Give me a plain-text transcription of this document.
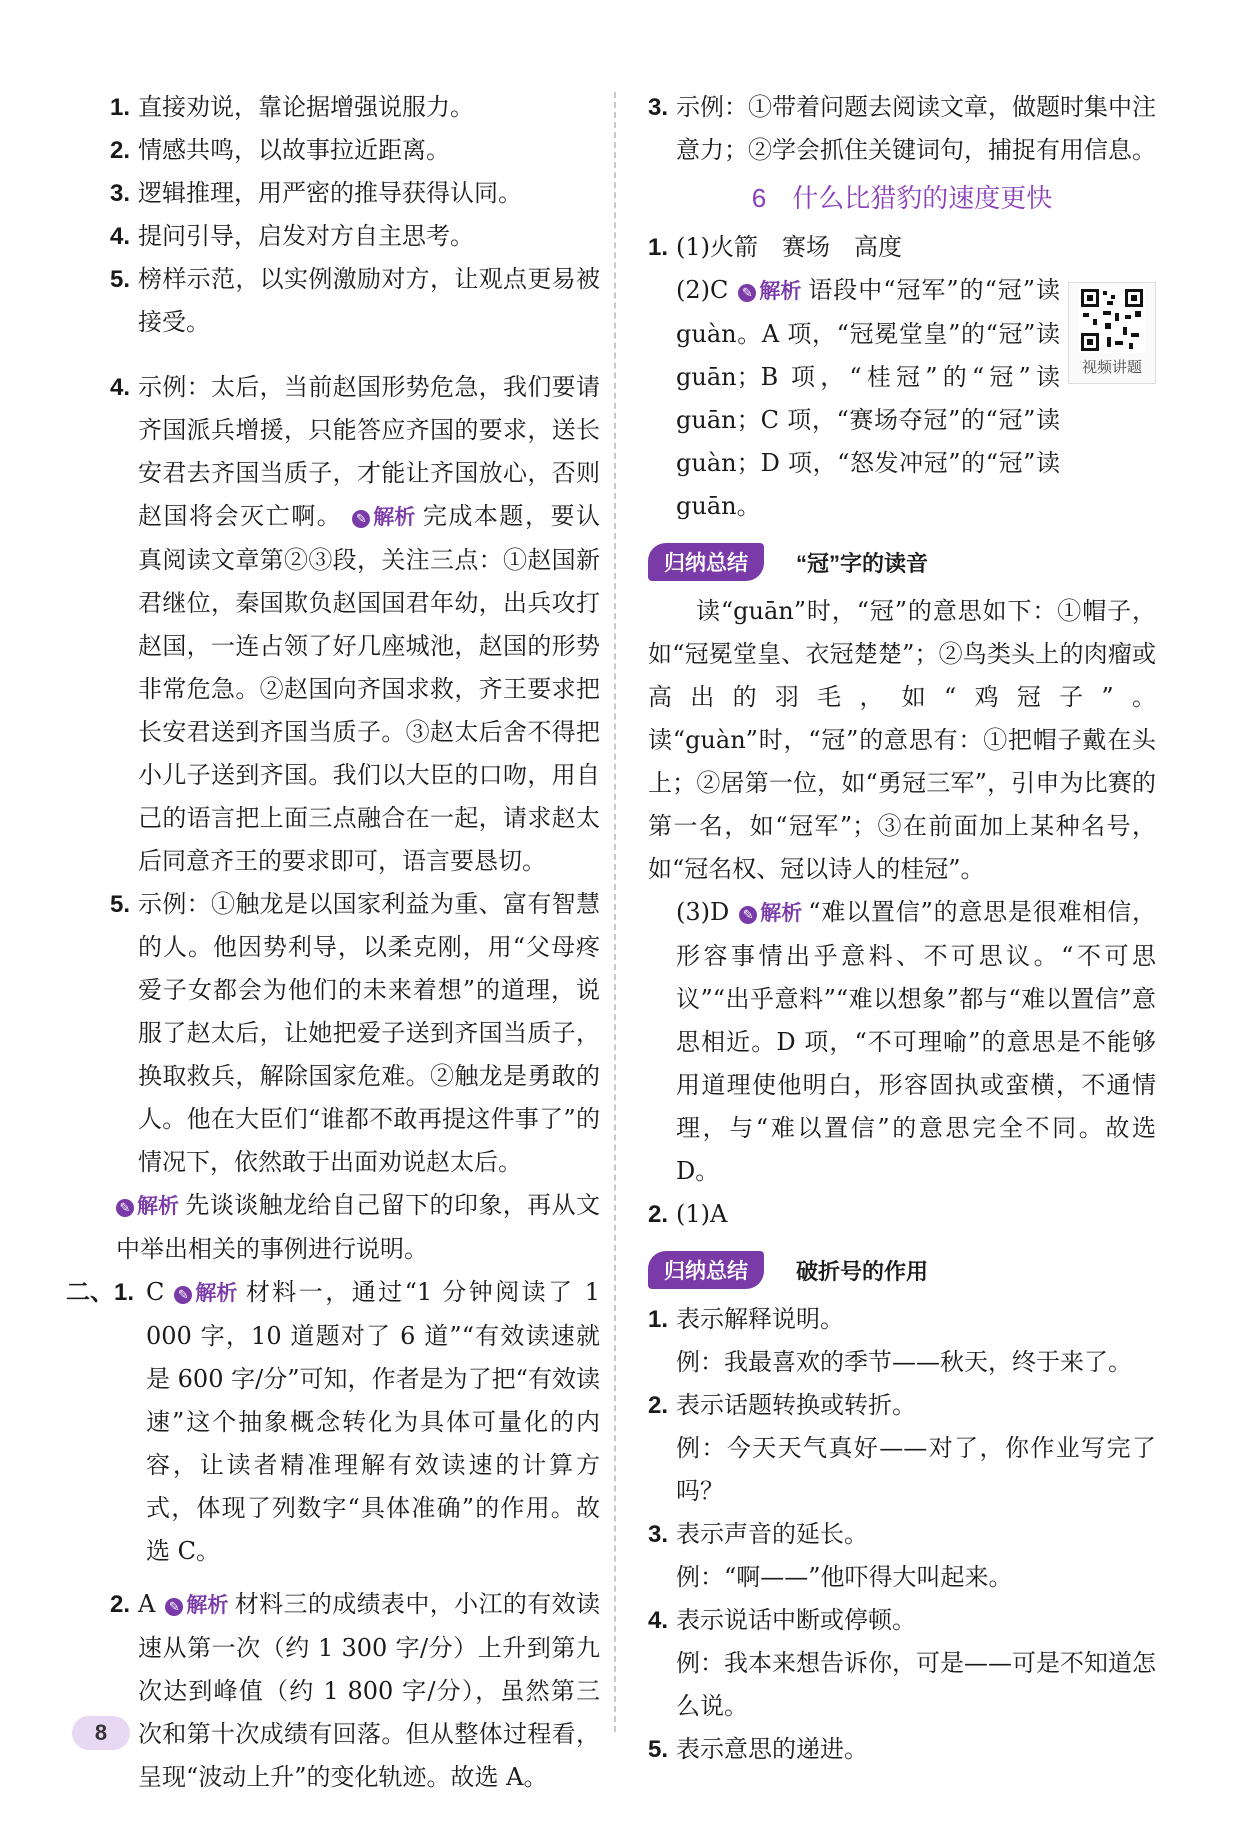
1. 直接劝说，靠论据增强说服力。

2. 情感共鸣，以故事拉近距离。

3. 逻辑推理，用严密的推导获得认同。

4. 提问引导，启发对方自主思考。

5. 榜样示范，以实例激励对方，让观点更易被接受。

4. 示例：太后，当前赵国形势危急，我们要请齐国派兵增援，只能答应齐国的要求，送长安君去齐国当质子，才能让齐国放心，否则赵国将会灭亡啊。 ✎ 解析 完成本题，要认真阅读文章第②③段，关注三点：①赵国新君继位，秦国欺负赵国国君年幼，出兵攻打赵国，一连占领了好几座城池，赵国的形势非常危急。②赵国向齐国求救，齐王要求把长安君送到齐国当质子。③赵太后舍不得把小儿子送到齐国。我们以大臣的口吻，用自己的语言把上面三点融合在一起，请求赵太后同意齐王的要求即可，语言要恳切。

5. 示例：①触龙是以国家利益为重、富有智慧的人。他因势利导，以柔克刚，用“父母疼爱子女都会为他们的未来着想”的道理，说服了赵太后，让她把爱子送到齐国当质子，换取救兵，解除国家危难。②触龙是勇敢的人。他在大臣们“谁都不敢再提这件事了”的情况下，依然敢于出面劝说赵太后。

✎ 解析 先谈谈触龙给自己留下的印象，再从文中举出相关的事例进行说明。

二、1. C ✎ 解析 材料一，通过“1 分钟阅读了 1 000 字，10 道题对了 6 道”“有效读速就是 600 字/分”可知，作者是为了把“有效读速”这个抽象概念转化为具体可量化的内容，让读者精准理解有效读速的计算方式，体现了列数字“具体准确”的作用。故选 C。

2. A ✎ 解析 材料三的成绩表中，小江的有效读速从第一次（约 1 300 字/分）上升到第九次达到峰值（约 1 800 字/分），虽然第三次和第十次成绩有回落。但从整体过程看，呈现“波动上升”的变化轨迹。故选 A。

3. 示例：①带着问题去阅读文章，做题时集中注意力；②学会抓住关键词句，捕捉有用信息。

6　什么比猎豹的速度更快
视频讲题

1. (1)火箭　赛场　高度

(2)C ✎ 解析 语段中“冠军”的“冠”读 guàn。A 项，“冠冕堂皇”的“冠”读 guān；B 项，“桂冠”的“冠”读 guān；C 项，“赛场夺冠”的“冠”读 guàn；D 项，“怒发冲冠”的“冠”读 guān。

归纳总结	“冠”字的读音

读“guān”时，“冠”的意思如下：①帽子，如“冠冕堂皇、衣冠楚楚”；②鸟类头上的肉瘤或高出的羽毛，如“鸡冠子”。读“guàn”时，“冠”的意思有：①把帽子戴在头上；②居第一位，如“勇冠三军”，引申为比赛的第一名，如“冠军”；③在前面加上某种名号，如“冠名权、冠以诗人的桂冠”。

(3)D ✎ 解析 “难以置信”的意思是很难相信，形容事情出乎意料、不可思议。“不可思议”“出乎意料”“难以想象”都与“难以置信”意思相近。D 项，“不可理喻”的意思是不能够用道理使他明白，形容固执或蛮横，不通情理，与“难以置信”的意思完全不同。故选 D。

2. (1)A

归纳总结	破折号的作用

1. 表示解释说明。

例：我最喜欢的季节——秋天，终于来了。

2. 表示话题转换或转折。

例：今天天气真好——对了，你作业写完了吗？

3. 表示声音的延长。

例：“啊——”他吓得大叫起来。

4. 表示说话中断或停顿。

例：我本来想告诉你，可是——可是不知道怎么说。

5. 表示意思的递进。

8
